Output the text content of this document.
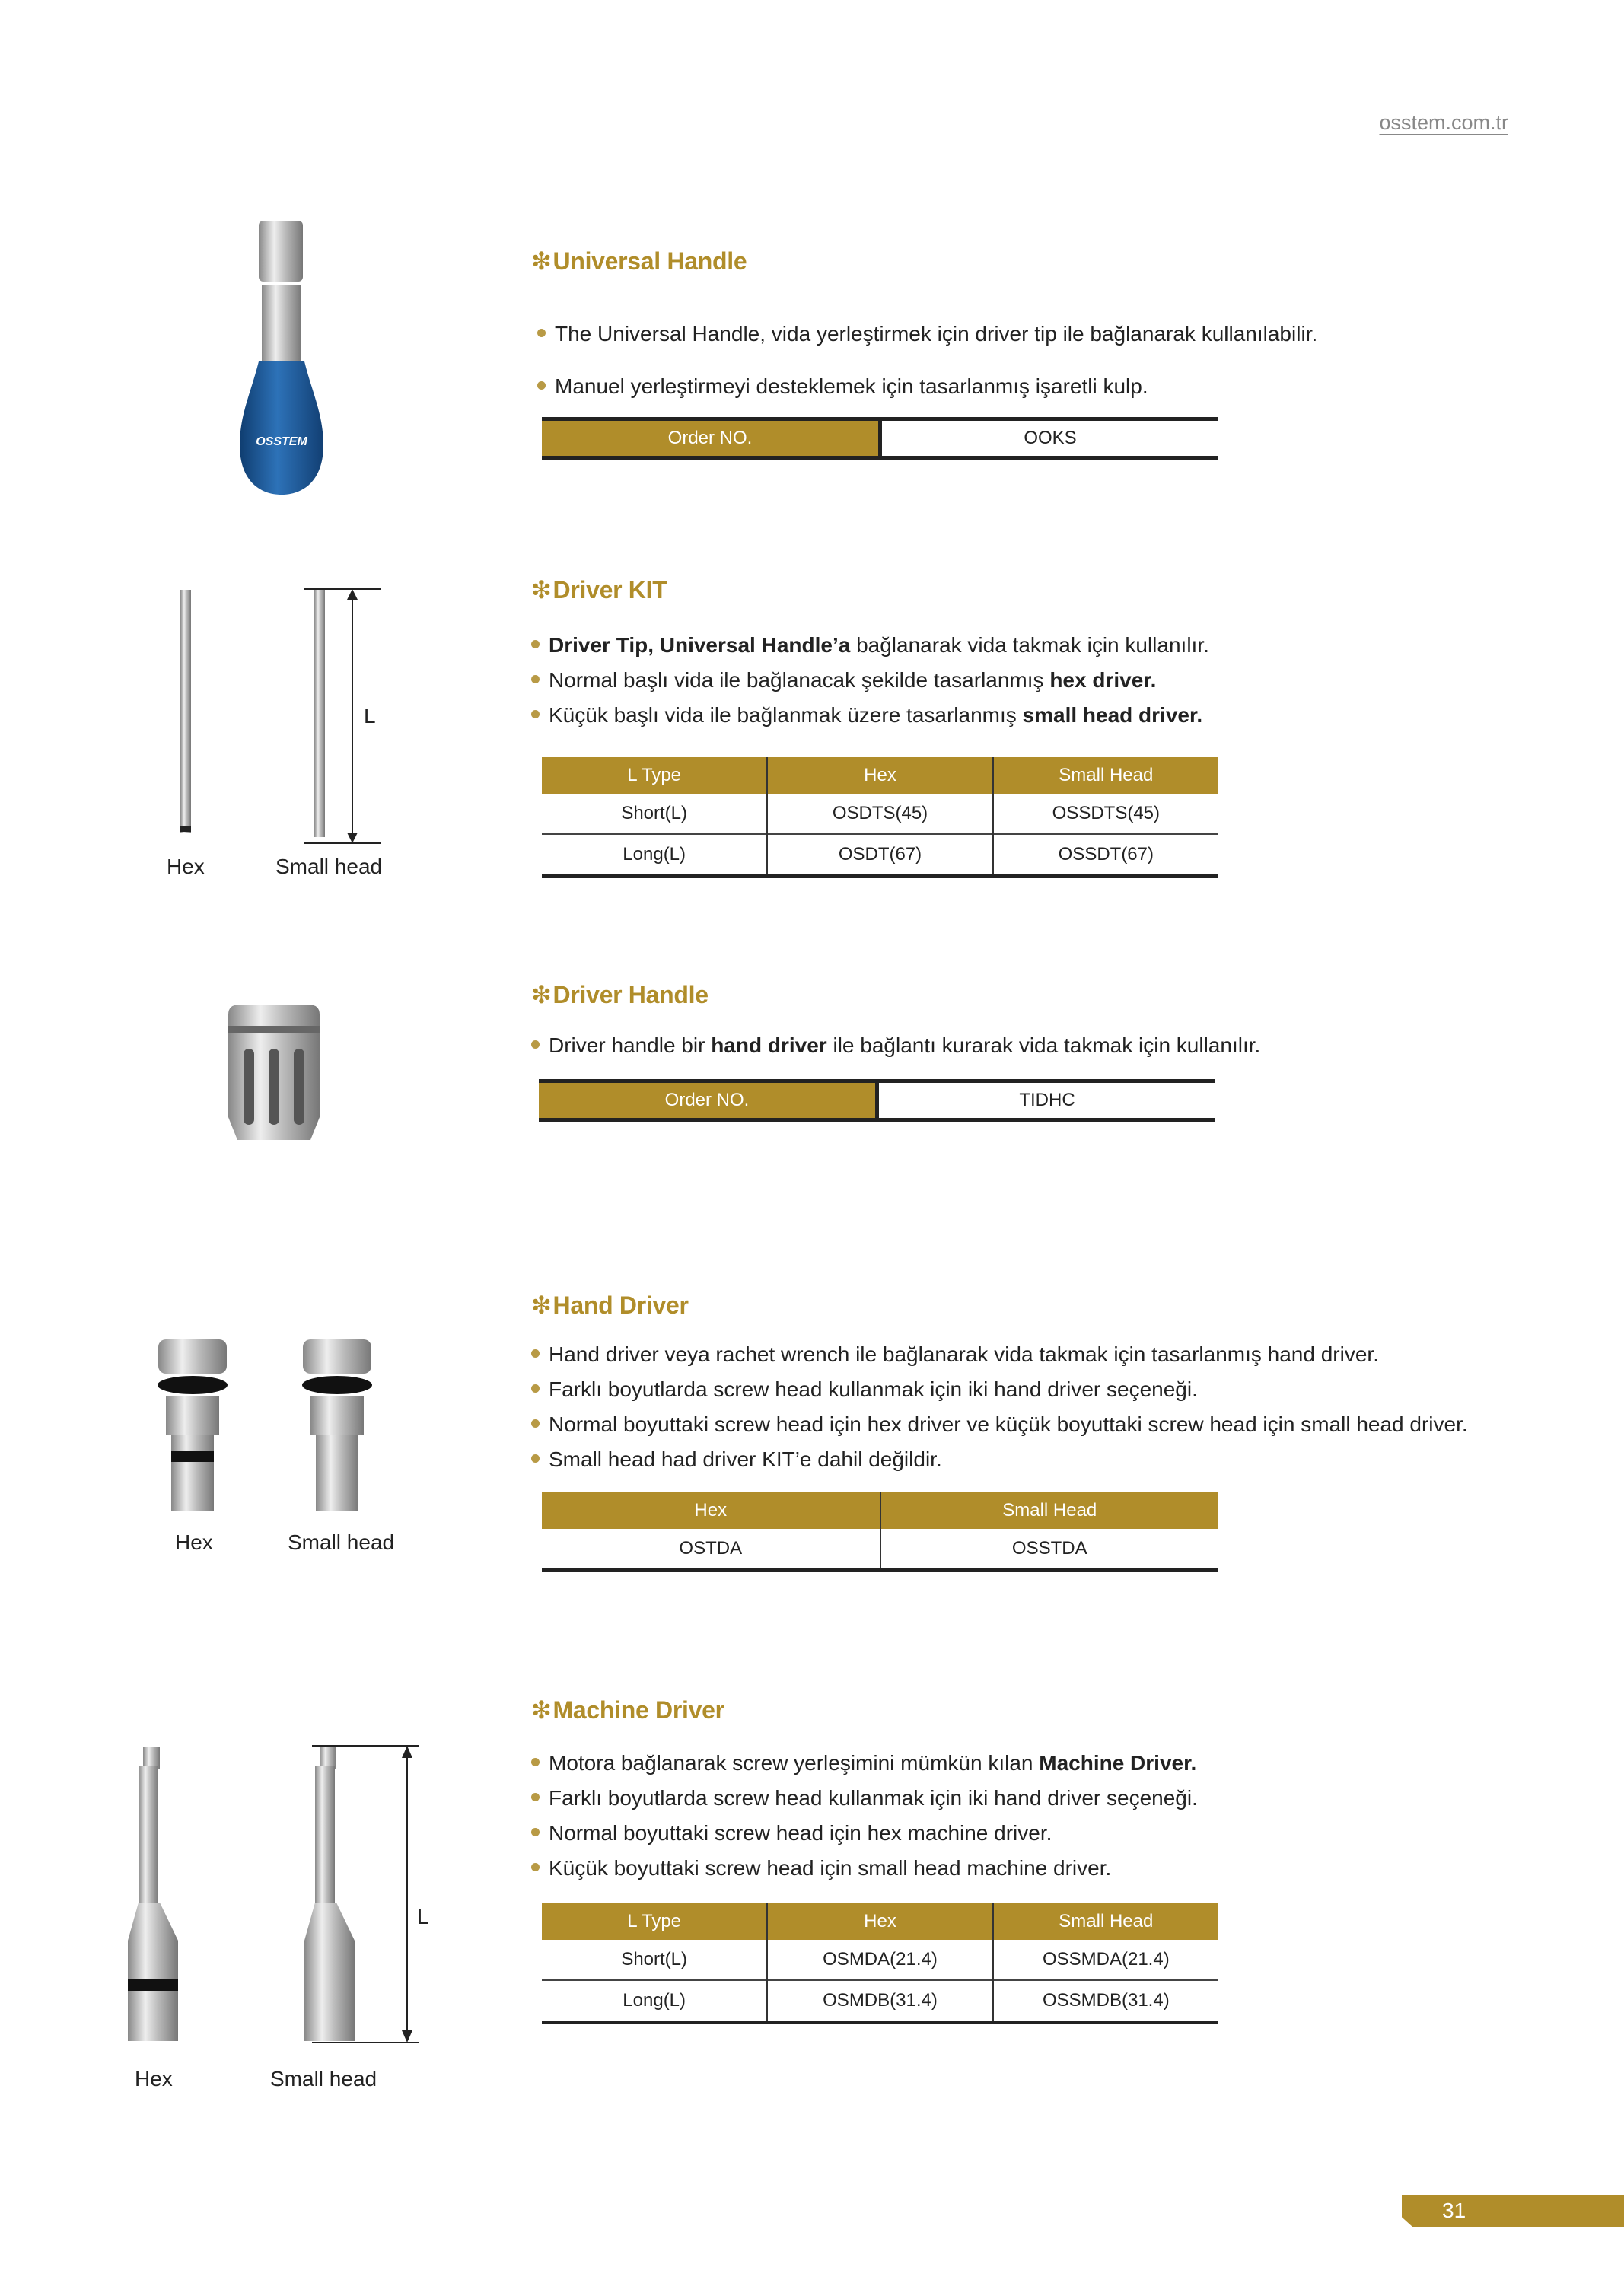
osstem.com.tr
OSSTEM
❇Universal Handle
The Universal Handle, vida yerleştirmek için driver tip ile bağlanarak kullanılabilir.
Manuel yerleştirmeyi desteklemek için tasarlanmış işaretli kulp.
Order NO.	OOKS
L
Hex	Small head
❇Driver KIT
Driver Tip, Universal Handle’a bağlanarak vida takmak için kullanılır.
Normal başlı vida ile bağlanacak şekilde tasarlanmış hex driver.
Küçük başlı vida ile bağlanmak üzere tasarlanmış small head driver.
L Type	Hex	Small Head
Short(L)	OSDTS(45)	OSSDTS(45)
Long(L)	OSDT(67)	OSSDT(67)
❇Driver Handle
Driver handle bir hand driver ile bağlantı kurarak vida takmak için kullanılır.
Order NO.	TIDHC
Hex	Small head
❇Hand Driver
Hand driver veya rachet wrench ile bağlanarak vida takmak için tasarlanmış hand driver.
Farklı boyutlarda screw head kullanmak için iki hand driver seçeneği.
Normal boyuttaki screw head için hex driver ve küçük boyuttaki screw head için small head driver.
Small head had driver KIT’e dahil değildir.
Hex	Small Head
OSTDA	OSSTDA
L
Hex	Small head
❇Machine Driver
Motora bağlanarak screw yerleşimini mümkün kılan Machine Driver.
Farklı boyutlarda screw head kullanmak için iki hand driver seçeneği.
Normal boyuttaki screw head için hex machine driver.
Küçük boyuttaki screw head için small head machine driver.
L Type	Hex	Small Head
Short(L)	OSMDA(21.4)	OSSMDA(21.4)
Long(L)	OSMDB(31.4)	OSSMDB(31.4)
31
